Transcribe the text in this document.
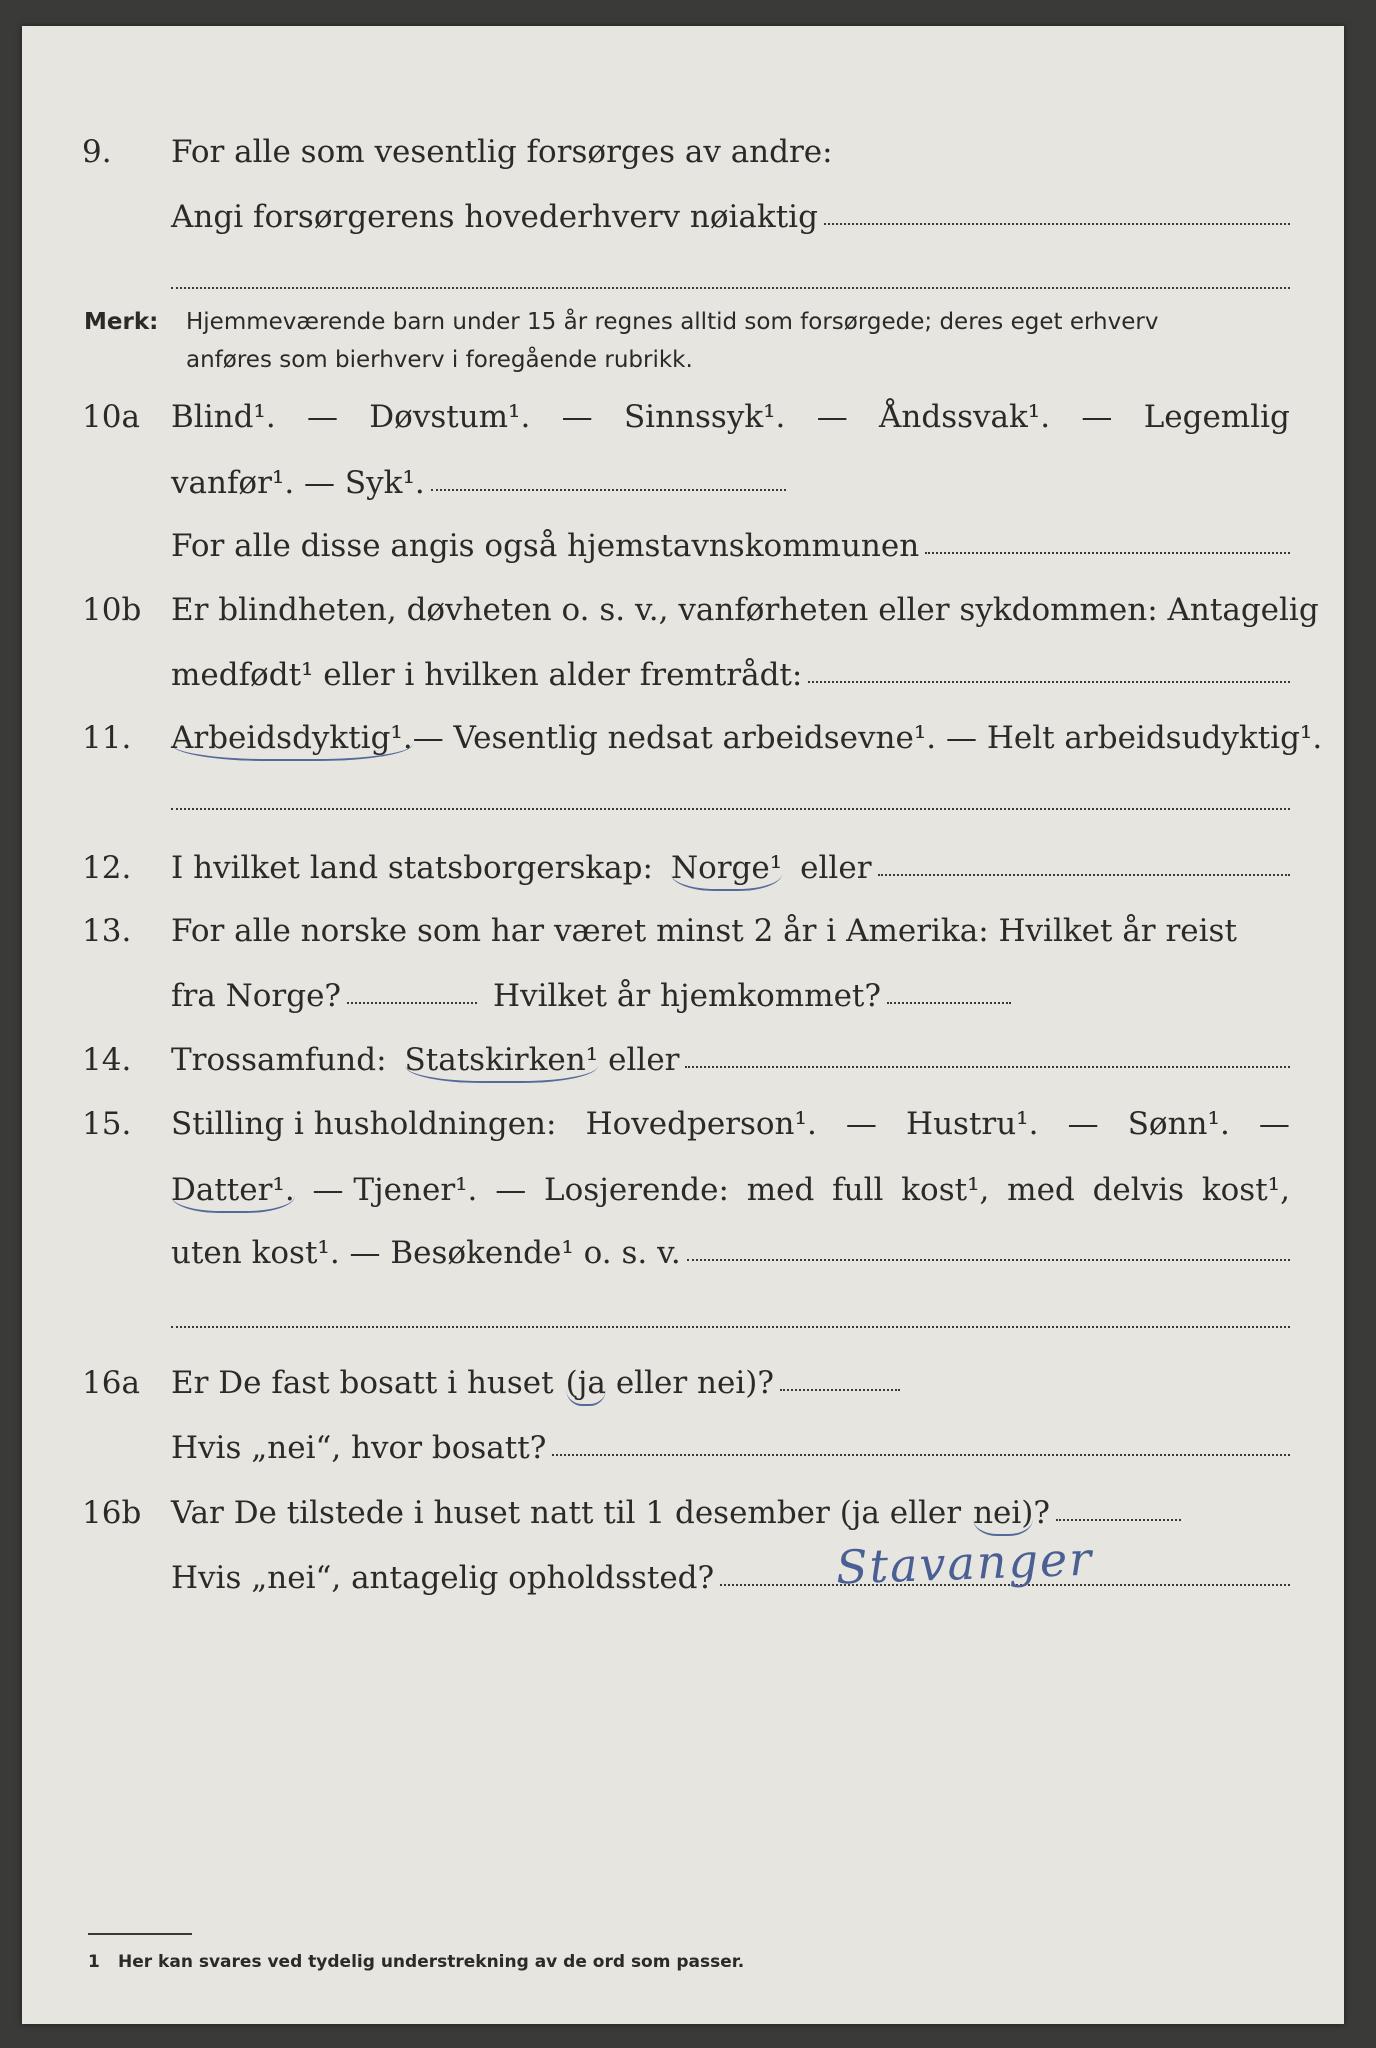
9. For alle som vesentlig forsørges av andre:
Angi forsørgerens hovederhverv nøiaktig
Merk: Hjemmeværende barn under 15 år regnes alltid som forsørgede; deres eget erhverv
anføres som bierhverv i foregående rubrikk.
10a Blind¹. — Døvstum¹. — Sinnssyk¹. — Åndssvak¹. — Legemlig
vanfør¹. — Syk¹.
For alle disse angis også hjemstavnskommunen
10b Er blindheten, døvheten o. s. v., vanførheten eller sykdommen: Antagelig
medfødt¹ eller i hvilken alder fremtrådt:
11. Arbeidsdyktig¹. — Vesentlig nedsat arbeidsevne¹. — Helt arbeidsudyktig¹.
12. I hvilket land statsborgerskap: Norge¹ eller
13. For alle norske som har været minst 2 år i Amerika: Hvilket år reist
fra Norge?	Hvilket år hjemkommet?
14. Trossamfund: Statskirken¹ eller
15. Stilling i husholdningen: Hovedperson¹. — Hustru¹. — Sønn¹. —
Datter¹. — Tjener¹. — Losjerende: med full kost¹, med delvis kost¹,
uten kost¹. — Besøkende¹ o. s. v.
16a Er De fast bosatt i huset (ja eller nei)?
Hvis „nei“, hvor bosatt?
16b Var De tilstede i huset natt til 1 desember (ja eller nei) ?
Hvis „nei“, antagelig opholdssted?	Stavanger
1 Her kan svares ved tydelig understrekning av de ord som passer.
